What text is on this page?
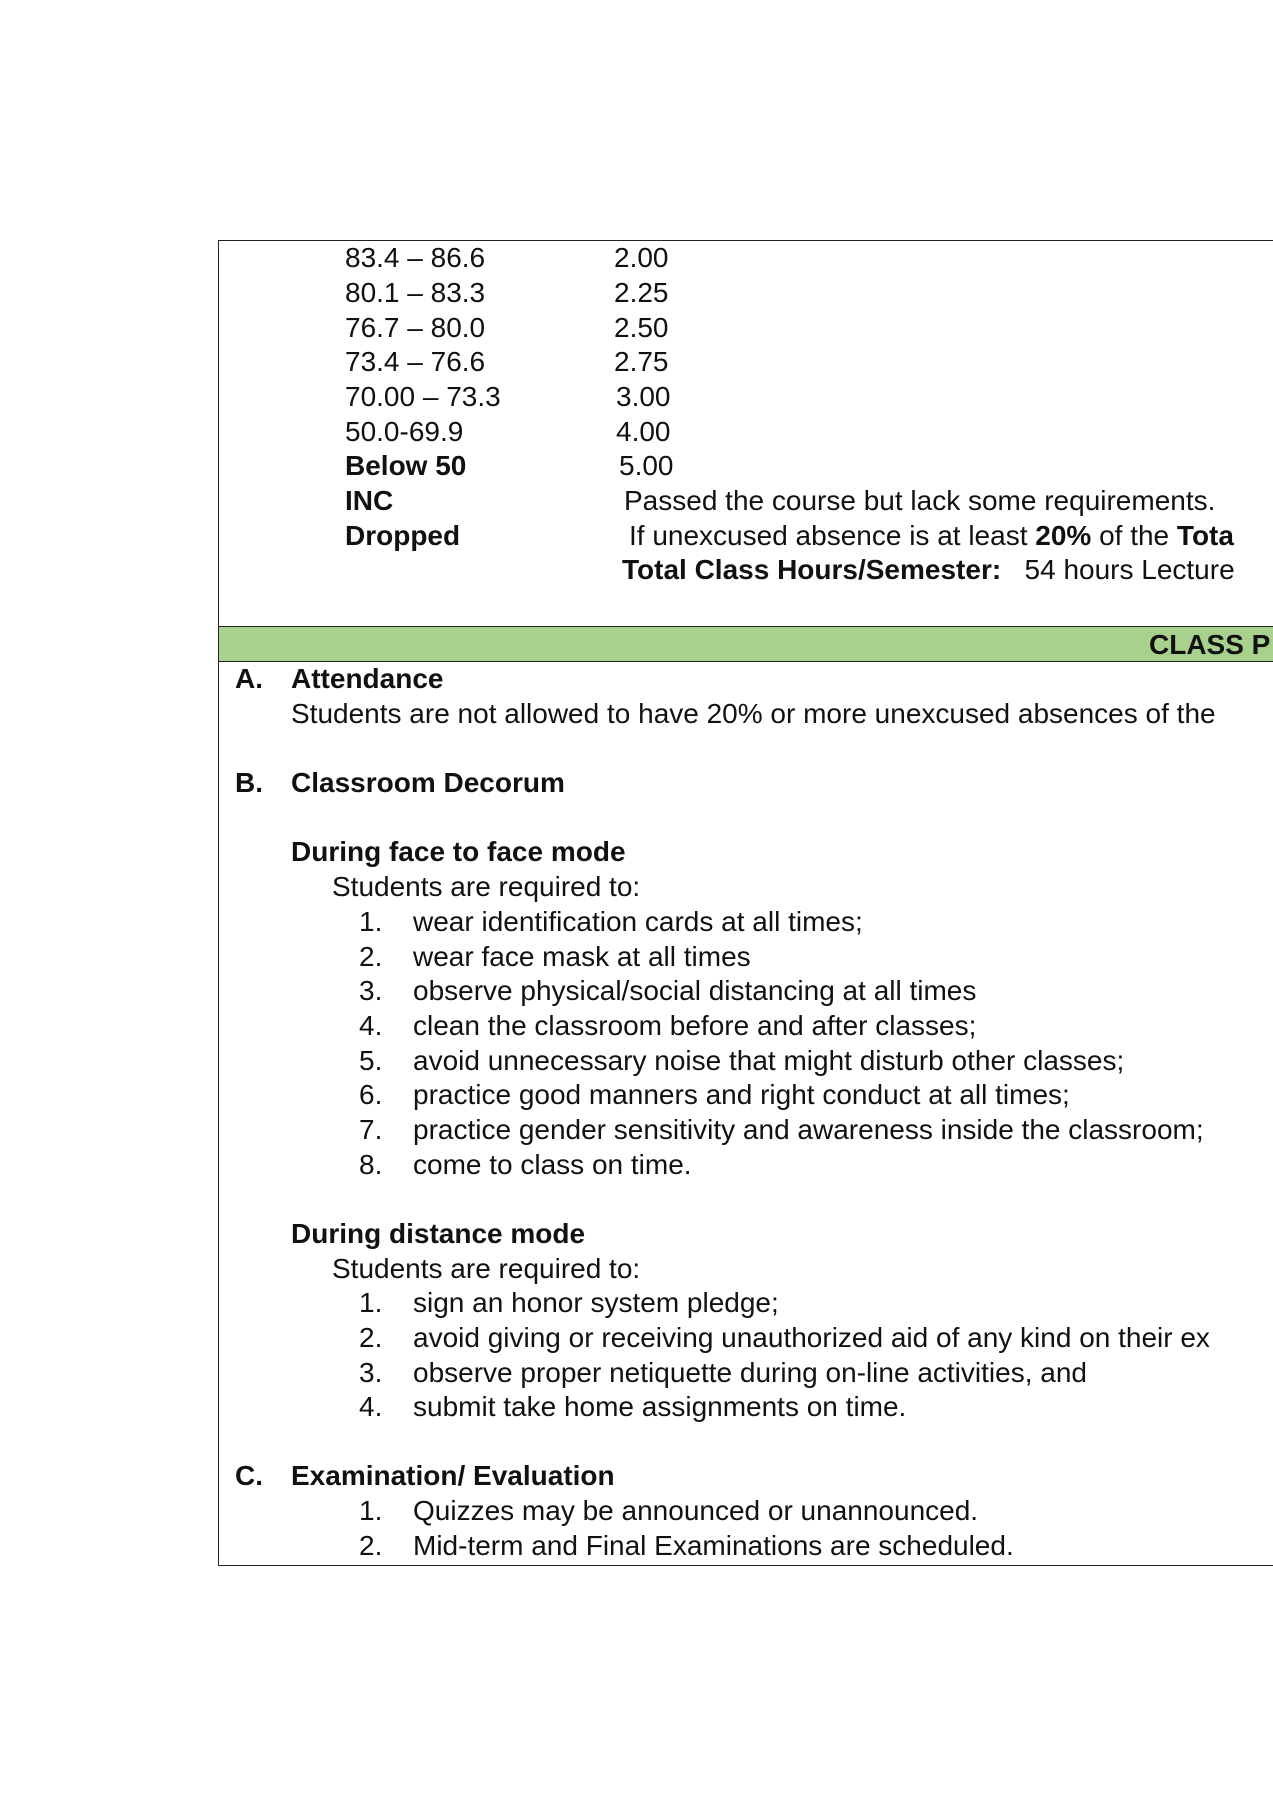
83.4 – 86.6	2.00
80.1 – 83.3	2.25
76.7 – 80.0	2.50
73.4 – 76.6	2.75
70.00 – 73.3	3.00
50.0-69.9	4.00
Below 50	5.00
INC	Passed the course but lack some requirements.
Dropped	If unexcused absence is at least 20% of the Tota
Total Class Hours/Semester: 54 hours Lecture
CLASS P
A. Attendance
Students are not allowed to have 20% or more unexcused absences of the
B. Classroom Decorum
During face to face mode
Students are required to:
1. wear identification cards at all times;
2. wear face mask at all times
3. observe physical/social distancing at all times
4. clean the classroom before and after classes;
5. avoid unnecessary noise that might disturb other classes;
6. practice good manners and right conduct at all times;
7. practice gender sensitivity and awareness inside the classroom;
8. come to class on time.
During distance mode
Students are required to:
1. sign an honor system pledge;
2. avoid giving or receiving unauthorized aid of any kind on their ex
3. observe proper netiquette during on-line activities, and
4. submit take home assignments on time.
C. Examination/ Evaluation
1. Quizzes may be announced or unannounced.
2. Mid-term and Final Examinations are scheduled.
